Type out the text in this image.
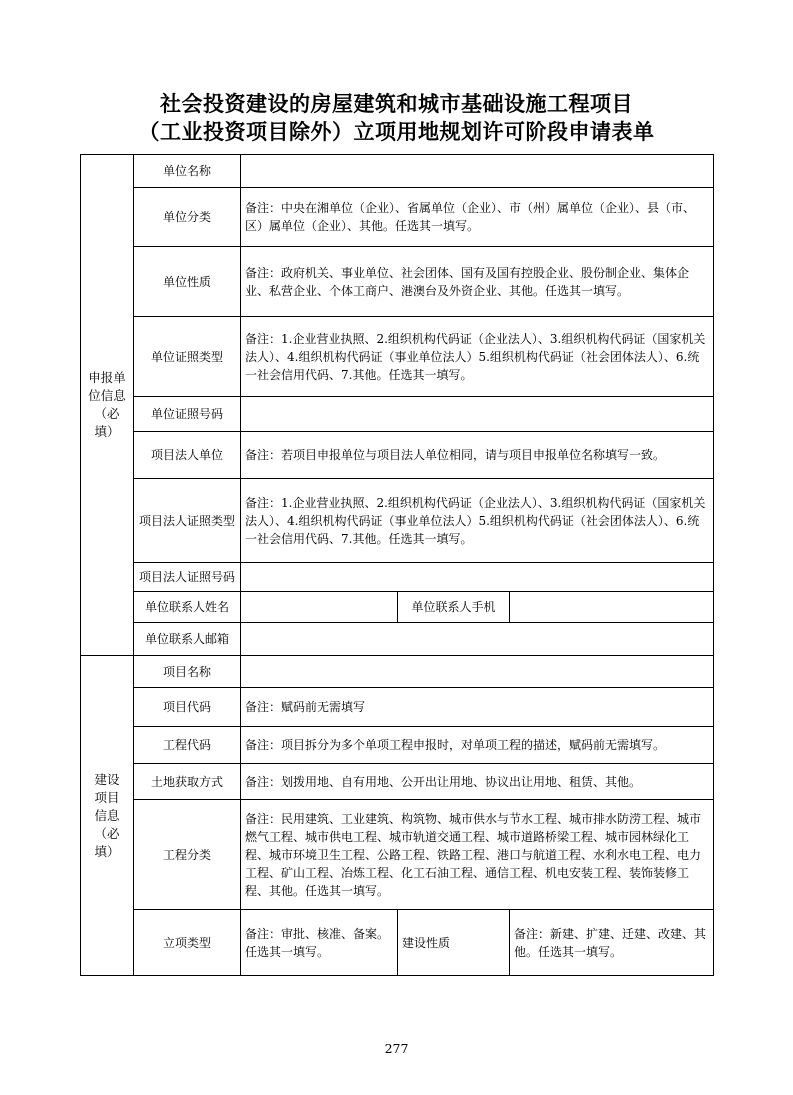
社会投资建设的房屋建筑和城市基础设施工程项目
（工业投资项目除外）立项用地规划许可阶段申请表单
申报单
位信息
（必
填）	单位名称			
	单位分类	备注：中央在湘单位（企业）、省属单位（企业）、市（州）属单位（企业）、县（市、区）属单位（企业）、其他。任选其一填写。		
	单位性质	备注：政府机关、事业单位、社会团体、国有及国有控股企业、股份制企业、集体企业、私营企业、个体工商户、港澳台及外资企业、其他。任选其一填写。		
	单位证照类型	备注：1.企业营业执照、2.组织机构代码证（企业法人）、3.组织机构代码证（国家机关法人）、4.组织机构代码证（事业单位法人）5.组织机构代码证（社会团体法人）、6.统一社会信用代码、7.其他。任选其一填写。		
	单位证照号码			
	项目法人单位	备注：若项目申报单位与项目法人单位相同，请与项目申报单位名称填写一致。		
	项目法人证照类型	备注：1.企业营业执照、2.组织机构代码证（企业法人）、3.组织机构代码证（国家机关法人）、4.组织机构代码证（事业单位法人）5.组织机构代码证（社会团体法人）、6.统一社会信用代码、7.其他。任选其一填写。		
	项目法人证照号码			
	单位联系人姓名		单位联系人手机	
	单位联系人邮箱			

建设
项目
信息
（必
填）	项目名称			
	项目代码	备注：赋码前无需填写		
	工程代码	备注：项目拆分为多个单项工程申报时，对单项工程的描述，赋码前无需填写。		
	土地获取方式	备注：划拨用地、自有用地、公开出让用地、协议出让用地、租赁、其他。		
	工程分类	备注：民用建筑、工业建筑、构筑物、城市供水与节水工程、城市排水防涝工程、城市燃气工程、城市供电工程、城市轨道交通工程、城市道路桥梁工程、城市园林绿化工程、城市环境卫生工程、公路工程、铁路工程、港口与航道工程、水利水电工程、电力工程、矿山工程、冶炼工程、化工石油工程、通信工程、机电安装工程、装饰装修工程、其他。任选其一填写。		
	立项类型	备注：审批、核准、备案。任选其一填写。	建设性质	备注：新建、扩建、迁建、改建、其他。任选其一填写。
277
